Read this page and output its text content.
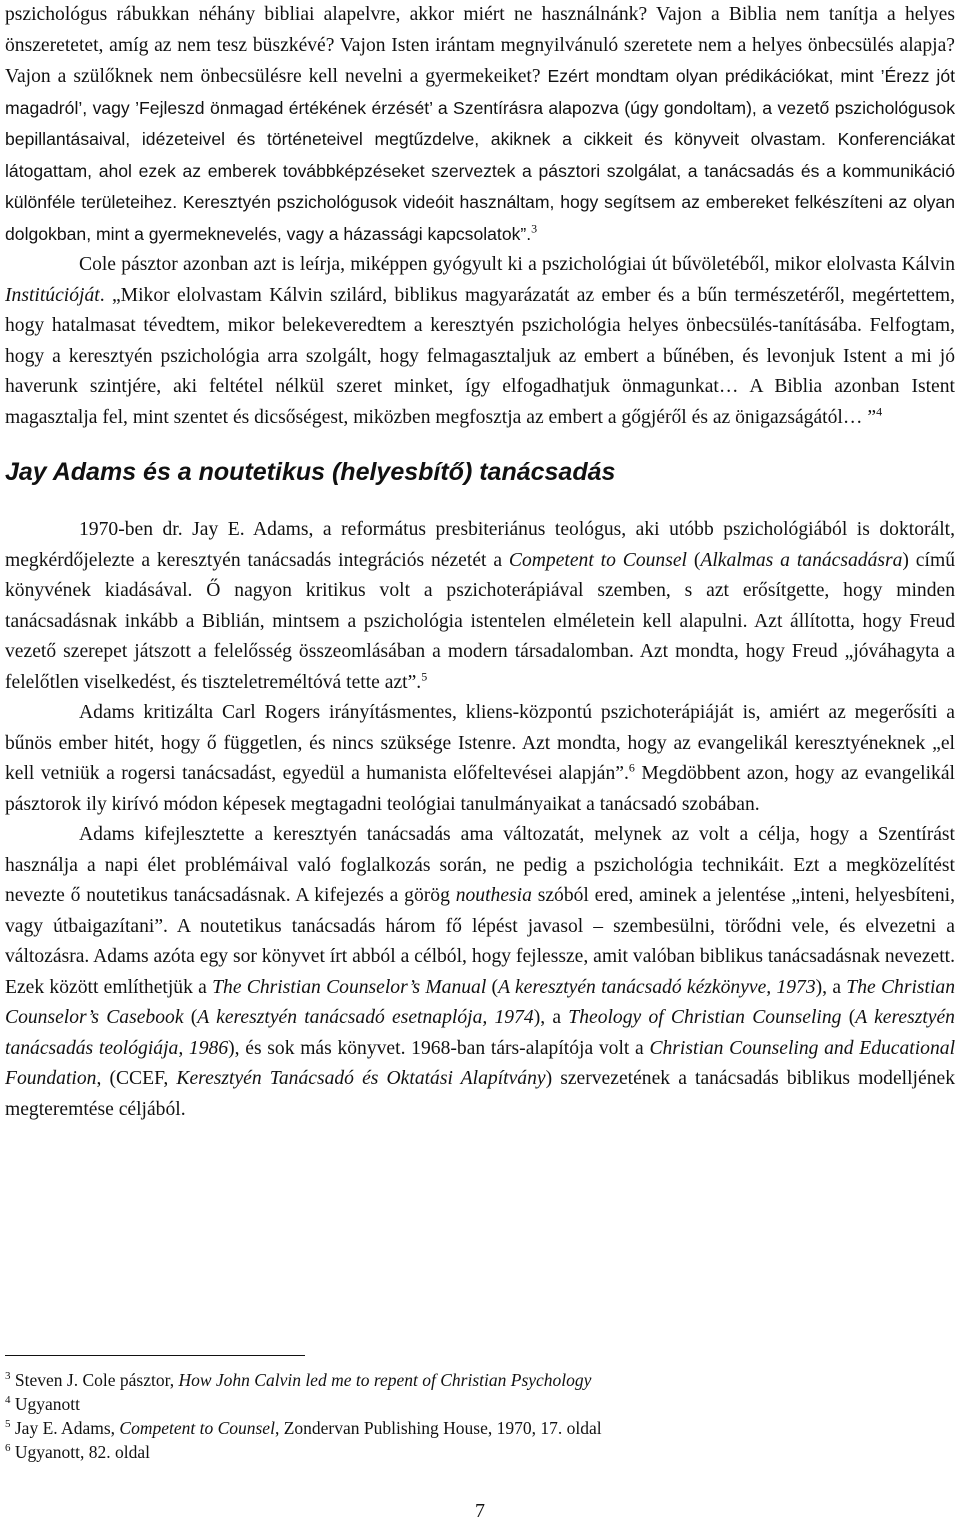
pszichológus rábukkan néhány bibliai alapelvre, akkor miért ne használnánk? Vajon a Biblia nem tanítja a helyes önszeretetet, amíg az nem tesz büszkévé? Vajon Isten irántam megnyilvánuló szeretete nem a helyes önbecsülés alapja? Vajon a szülőknek nem önbecsülésre kell nevelni a gyermekeiket? Ezért mondtam olyan prédikációkat, mint ’Érezz jót magadról’, vagy ’Fejleszd önmagad értékének érzését’ a Szentírásra alapozva (úgy gondoltam), a vezető pszichológusok bepillantásaival, idézeteivel és történeteivel megtűzdelve, akiknek a cikkeit és könyveit olvastam. Konferenciákat látogattam, ahol ezek az emberek továbbképzéseket szerveztek a pásztori szolgálat, a tanácsadás és a kommunikáció különféle területeihez. Keresztyén pszichológusok videóit használtam, hogy segítsem az embereket felkészíteni az olyan dolgokban, mint a gyermeknevelés, vagy a házassági kapcsolatok”.$^3$

Cole pásztor azonban azt is leírja, miképpen gyógyult ki a pszichológiai út bűvöletéből, mikor elolvasta Kálvin Institúcióját. „Mikor elolvastam Kálvin szilárd, biblikus magyarázatát az ember és a bűn természetéről, megértettem, hogy hatalmasat tévedtem, mikor belekeveredtem a keresztyén pszichológia helyes önbecsülés-tanításába. Felfogtam, hogy a keresztyén pszichológia arra szolgált, hogy felmagasztaljuk az embert a bűnében, és levonjuk Istent a mi jó haverunk szintjére, aki feltétel nélkül szeret minket, így elfogadhatjuk önmagunkat… A Biblia azonban Istent magasztalja fel, mint szentet és dicsőségest, miközben megfosztja az embert a gőgjéről és az önigazságától… ”$^4$

Jay Adams és a noutetikus (helyesbítő) tanácsadás

1970-ben dr. Jay E. Adams, a református presbiteriánus teológus, aki utóbb pszichológiából is doktorált, megkérdőjelezte a keresztyén tanácsadás integrációs nézetét a Competent to Counsel (Alkalmas a tanácsadásra) című könyvének kiadásával. Ő nagyon kritikus volt a pszichoterápiával szemben, s azt erősítgette, hogy minden tanácsadásnak inkább a Biblián, mintsem a pszichológia istentelen elméletein kell alapulni. Azt állította, hogy Freud vezető szerepet játszott a felelősség összeomlásában a modern társadalomban. Azt mondta, hogy Freud „jóváhagyta a felelőtlen viselkedést, és tiszteletreméltóvá tette azt”.$^5$

Adams kritizálta Carl Rogers irányításmentes, kliens-központú pszichoterápiáját is, amiért az megerősíti a bűnös ember hitét, hogy ő független, és nincs szüksége Istenre. Azt mondta, hogy az evangelikál keresztyéneknek „el kell vetniük a rogersi tanácsadást, egyedül a humanista előfeltevései alapján”.$^6$ Megdöbbent azon, hogy az evangelikál pásztorok ily kirívó módon képesek megtagadni teológiai tanulmányaikat a tanácsadó szobában.

Adams kifejlesztette a keresztyén tanácsadás ama változatát, melynek az volt a célja, hogy a Szentírást használja a napi élet problémáival való foglalkozás során, ne pedig a pszichológia technikáit. Ezt a megközelítést nevezte ő noutetikus tanácsadásnak. A kifejezés a görög nouthesia szóból ered, aminek a jelentése „inteni, helyesbíteni, vagy útbaigazítani”. A noutetikus tanácsadás három fő lépést javasol – szembesülni, törődni vele, és elvezetni a változásra. Adams azóta egy sor könyvet írt abból a célból, hogy fejlessze, amit valóban biblikus tanácsadásnak nevezett. Ezek között említhetjük a The Christian Counselor’s Manual (A keresztyén tanácsadó kézkönyve, 1973), a The Christian Counselor’s Casebook (A keresztyén tanácsadó esetnaplója, 1974), a Theology of Christian Counseling (A keresztyén tanácsadás teológiája, 1986), és sok más könyvet. 1968-ban társ-alapítója volt a Christian Counseling and Educational Foundation, (CCEF, Keresztyén Tanácsadó és Oktatási Alapítvány) szervezetének a tanácsadás biblikus modelljének megteremtése céljából.

$^3$ Steven J. Cole pásztor, How John Calvin led me to repent of Christian Psychology
$^4$ Ugyanott
$^5$ Jay E. Adams, Competent to Counsel, Zondervan Publishing House, 1970, 17. oldal
$^6$ Ugyanott, 82. oldal
7
